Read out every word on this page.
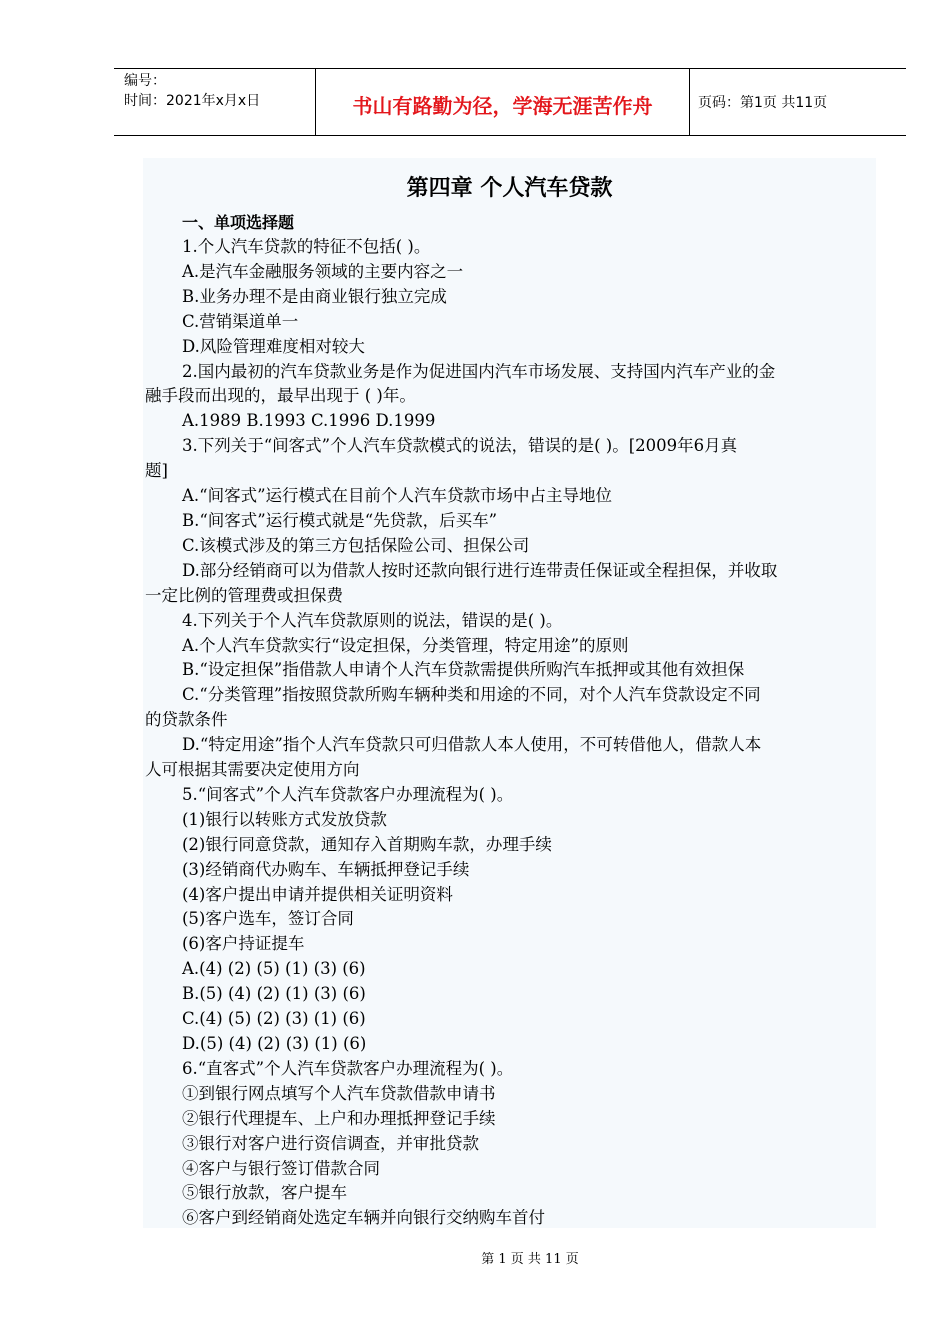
编号：
时间：2021年x月x日	书山有路勤为径，学海无涯苦作舟	页码：第1页 共11页
第四章 个人汽车贷款
一、单项选择题
1.个人汽车贷款的特征不包括( )。
A.是汽车金融服务领域的主要内容之一
B.业务办理不是由商业银行独立完成
C.营销渠道单一
D.风险管理难度相对较大
2.国内最初的汽车贷款业务是作为促进国内汽车市场发展、支持国内汽车产业的金
融手段而出现的，最早出现于 ( )年。
A.1989 B.1993 C.1996 D.1999
3.下列关于“间客式”个人汽车贷款模式的说法，错误的是( )。[2009年6月真
题]
A.“间客式”运行模式在目前个人汽车贷款市场中占主导地位
B.“间客式”运行模式就是“先贷款，后买车”
C.该模式涉及的第三方包括保险公司、担保公司
D.部分经销商可以为借款人按时还款向银行进行连带责任保证或全程担保，并收取
一定比例的管理费或担保费
4.下列关于个人汽车贷款原则的说法，错误的是( )。
A.个人汽车贷款实行“设定担保，分类管理，特定用途”的原则
B.“设定担保”指借款人申请个人汽车贷款需提供所购汽车抵押或其他有效担保
C.“分类管理”指按照贷款所购车辆种类和用途的不同，对个人汽车贷款设定不同
的贷款条件
D.“特定用途”指个人汽车贷款只可归借款人本人使用，不可转借他人，借款人本
人可根据其需要决定使用方向
5.“间客式”个人汽车贷款客户办理流程为( )。
(1)银行以转账方式发放贷款
(2)银行同意贷款，通知存入首期购车款，办理手续
(3)经销商代办购车、车辆抵押登记手续
(4)客户提出申请并提供相关证明资料
(5)客户选车，签订合同
(6)客户持证提车
A.(4) (2) (5) (1) (3) (6)
B.(5) (4) (2) (1) (3) (6)
C.(4) (5) (2) (3) (1) (6)
D.(5) (4) (2) (3) (1) (6)
6.“直客式”个人汽车贷款客户办理流程为( )。
①到银行网点填写个人汽车贷款借款申请书
②银行代理提车、上户和办理抵押登记手续
③银行对客户进行资信调查，并审批贷款
④客户与银行签订借款合同
⑤银行放款，客户提车
⑥客户到经销商处选定车辆并向银行交纳购车首付
第 1 页 共 11 页
